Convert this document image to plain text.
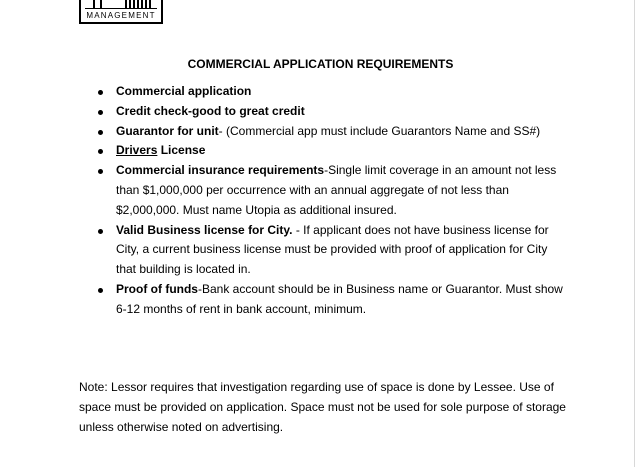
MANAGEMENT
COMMERCIAL APPLICATION REQUIREMENTS
Commercial application
Credit check-good to great credit
Guarantor for unit- (Commercial app must include Guarantors Name and SS#)
Drivers License
Commercial insurance requirements-Single limit coverage in an amount not less than $1,000,000 per occurrence with an annual aggregate of not less than $2,000,000. Must name Utopia as additional insured.
Valid Business license for City. - If applicant does not have business license for City, a current business license must be provided with proof of application for City that building is located in.
Proof of funds-Bank account should be in Business name or Guarantor. Must show 6-12 months of rent in bank account, minimum.

Note: Lessor requires that investigation regarding use of space is done by Lessee. Use of space must be provided on application. Space must not be used for sole purpose of storage unless otherwise noted on advertising.
